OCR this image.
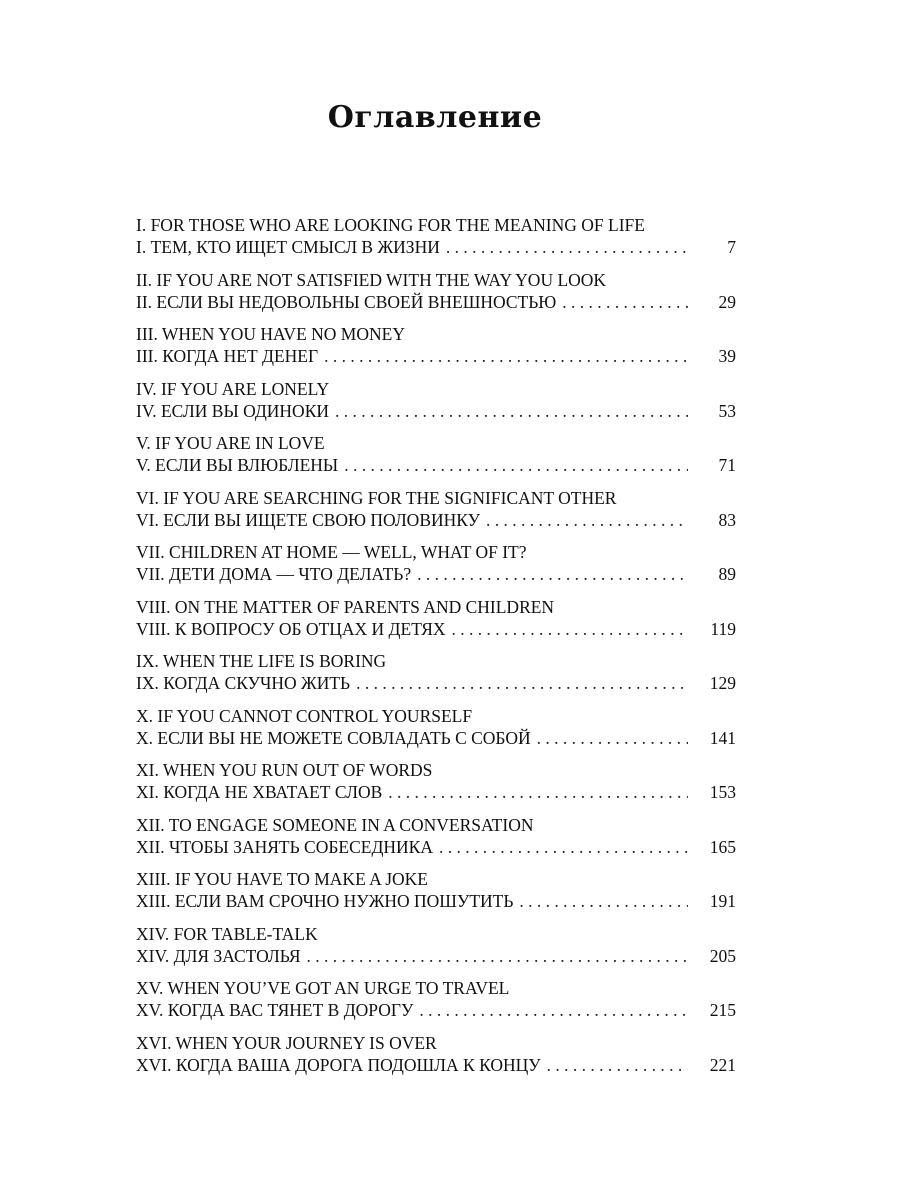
Оглавление
I. FOR THOSE WHO ARE LOOKING FOR THE MEANING OF LIFE
I. ТЕМ, КТО ИЩЕТ СМЫСЛ В ЖИЗНИ . . .	7
II. IF YOU ARE NOT SATISFIED WITH THE WAY YOU LOOK
II. ЕСЛИ ВЫ НЕДОВОЛЬНЫ СВОЕЙ ВНЕШНОСТЬЮ . . .	29
III. WHEN YOU HAVE NO MONEY
III. КОГДА НЕТ ДЕНЕГ . . .	39
IV. IF YOU ARE LONELY
IV. ЕСЛИ ВЫ ОДИНОКИ . . .	53
V. IF YOU ARE IN LOVE
V. ЕСЛИ ВЫ ВЛЮБЛЕНЫ . . .	71
VI. IF YOU ARE SEARCHING FOR THE SIGNIFICANT OTHER
VI. ЕСЛИ ВЫ ИЩЕТЕ СВОЮ ПОЛОВИНКУ . . .	83
VII. CHILDREN AT HOME — WELL, WHAT OF IT?
VII. ДЕТИ ДОМА — ЧТО ДЕЛАТЬ? . . .	89
VIII. ON THE MATTER OF PARENTS AND CHILDREN
VIII. К ВОПРОСУ ОБ ОТЦАХ И ДЕТЯХ . . .	119
IX. WHEN THE LIFE IS BORING
IX. КОГДА СКУЧНО ЖИТЬ . . .	129
X. IF YOU CANNOT CONTROL YOURSELF
X. ЕСЛИ ВЫ НЕ МОЖЕТЕ СОВЛАДАТЬ С СОБОЙ . . .	141
XI. WHEN YOU RUN OUT OF WORDS
XI. КОГДА НЕ ХВАТАЕТ СЛОВ . . .	153
XII. TO ENGAGE SOMEONE IN A CONVERSATION
XII. ЧТОБЫ ЗАНЯТЬ СОБЕСЕДНИКА . . .	165
XIII. IF YOU HAVE TO MAKE A JOKE
XIII. ЕСЛИ ВАМ СРОЧНО НУЖНО ПОШУТИТЬ . . .	191
XIV. FOR TABLE-TALK
XIV. ДЛЯ ЗАСТОЛЬЯ . . .	205
XV. WHEN YOU’VE GOT AN URGE TO TRAVEL
XV. КОГДА ВАС ТЯНЕТ В ДОРОГУ . . .	215
XVI. WHEN YOUR JOURNEY IS OVER
XVI. КОГДА ВАША ДОРОГА ПОДОШЛА К КОНЦУ . . .	221
